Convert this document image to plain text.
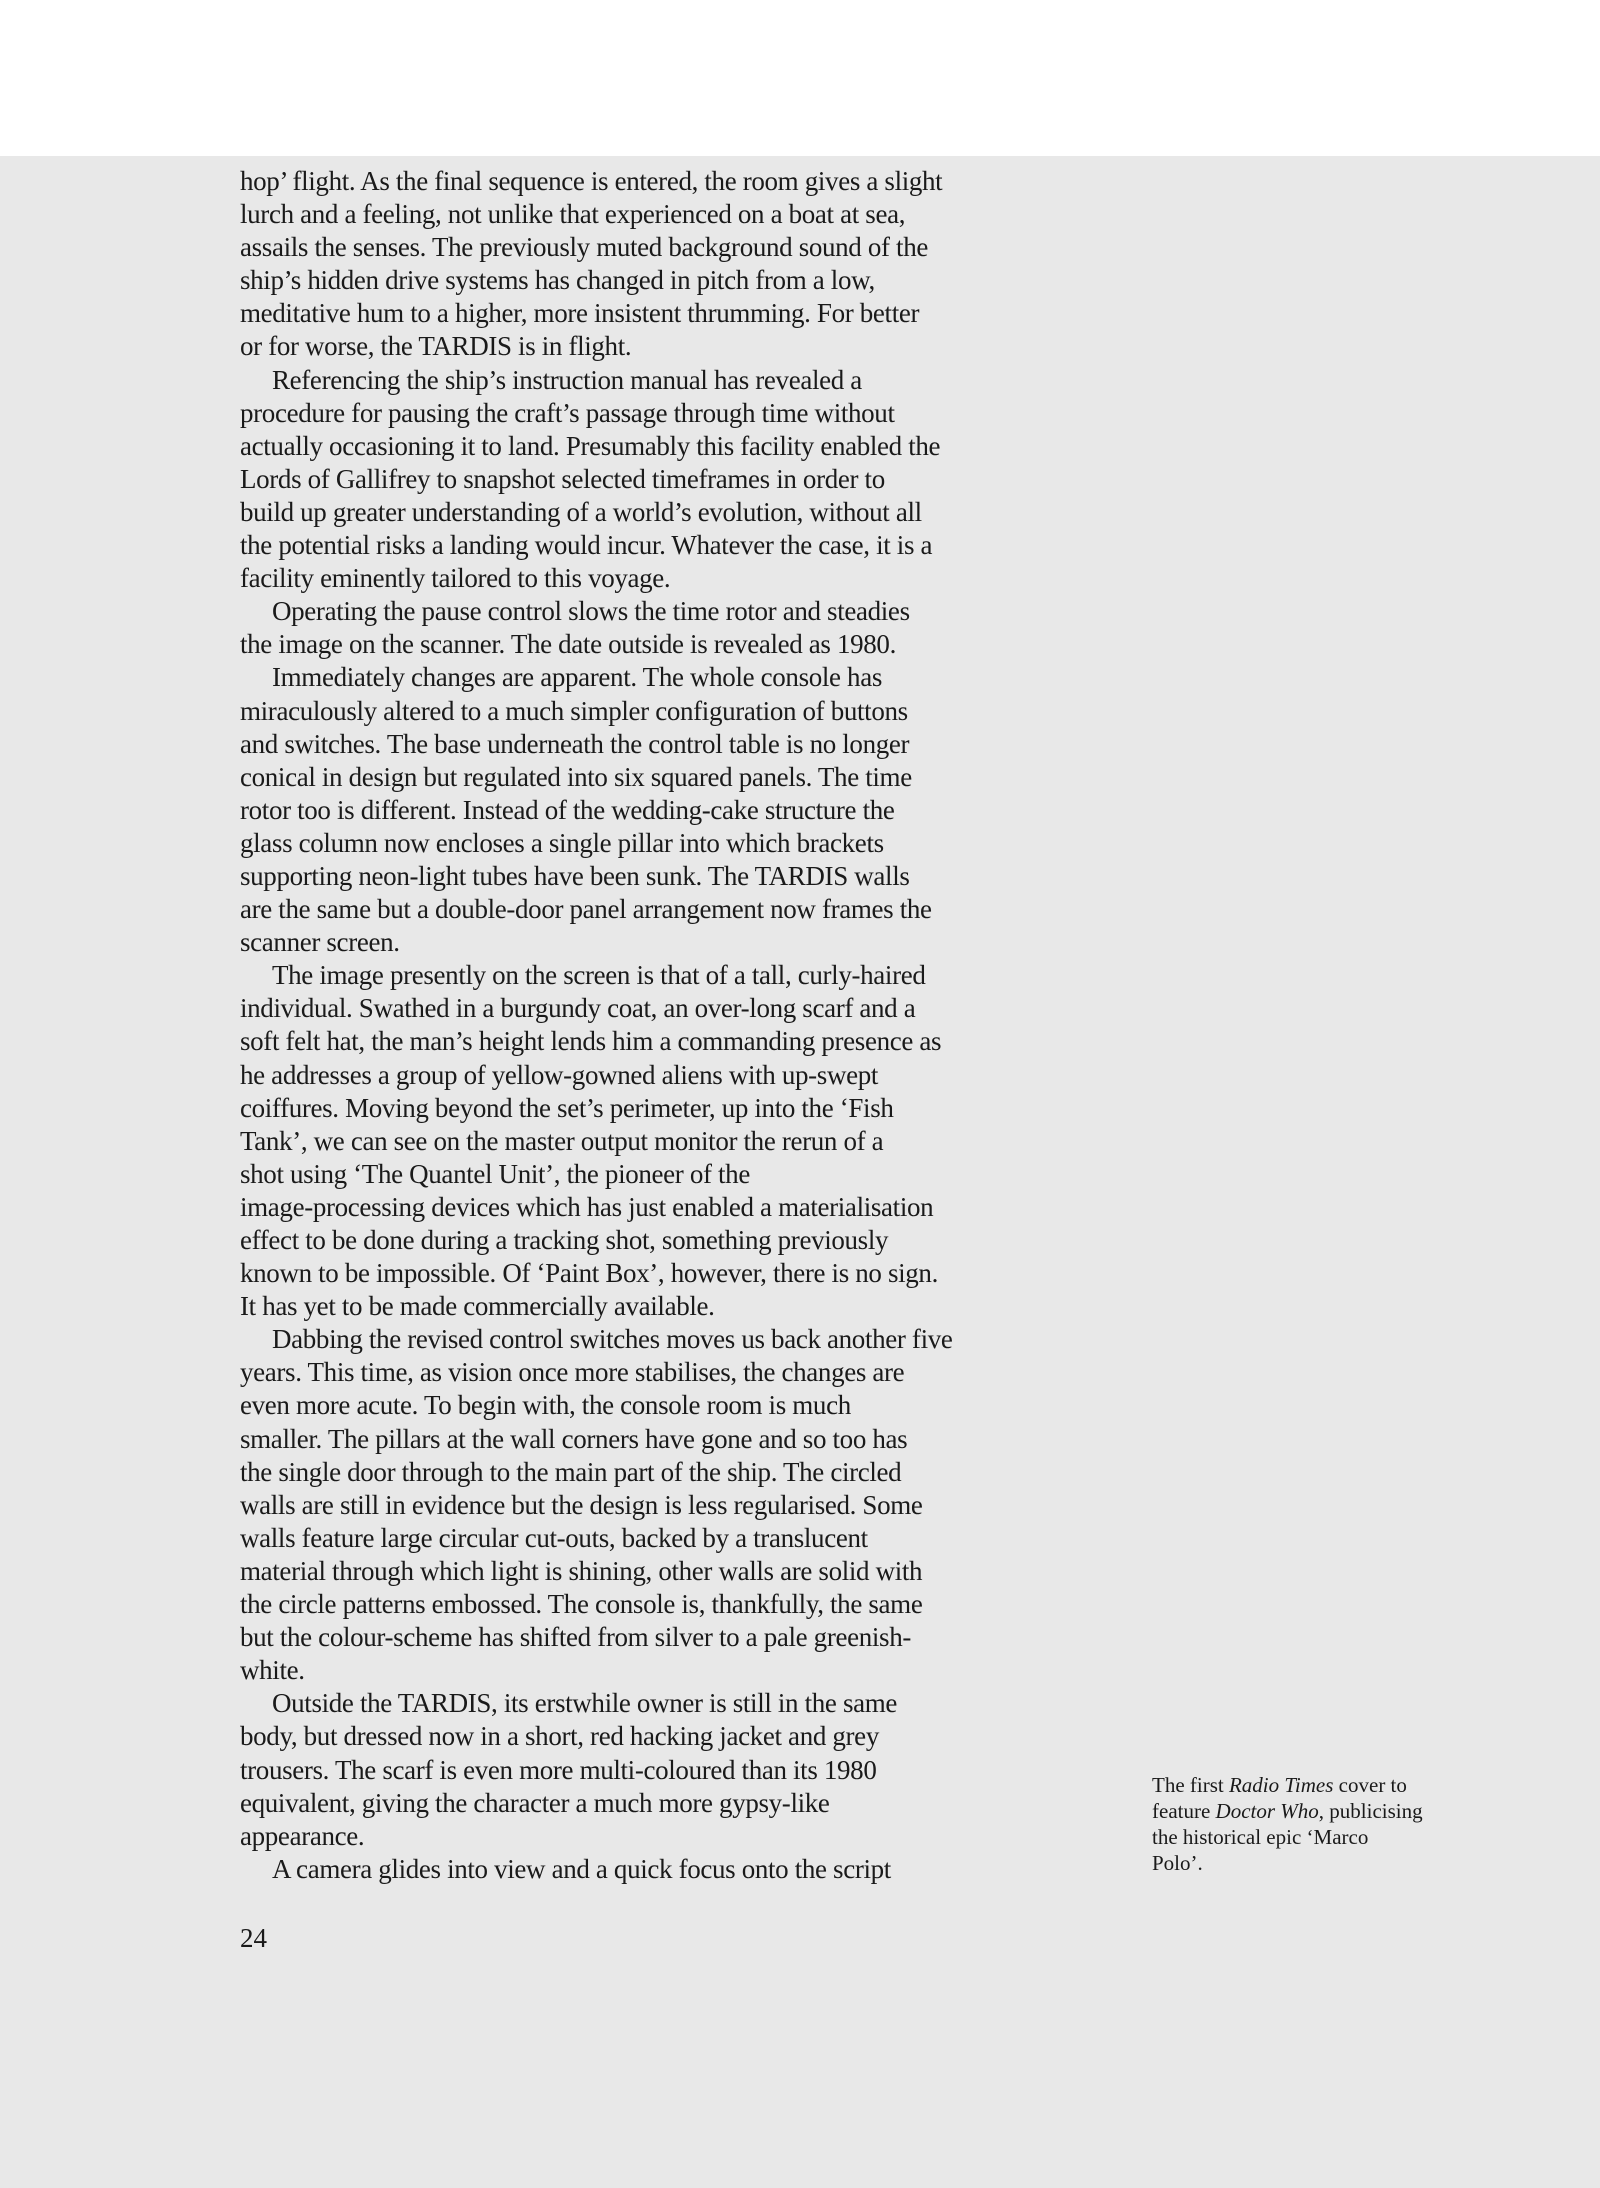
hop’ flight. As the final sequence is entered, the room gives a slight
lurch and a feeling, not unlike that experienced on a boat at sea,
assails the senses. The previously muted background sound of the
ship’s hidden drive systems has changed in pitch from a low,
meditative hum to a higher, more insistent thrumming. For better
or for worse, the TARDIS is in flight.
Referencing the ship’s instruction manual has revealed a
procedure for pausing the craft’s passage through time without
actually occasioning it to land. Presumably this facility enabled the
Lords of Gallifrey to snapshot selected timeframes in order to
build up greater understanding of a world’s evolution, without all
the potential risks a landing would incur. Whatever the case, it is a
facility eminently tailored to this voyage.
Operating the pause control slows the time rotor and steadies
the image on the scanner. The date outside is revealed as 1980.
Immediately changes are apparent. The whole console has
miraculously altered to a much simpler configuration of buttons
and switches. The base underneath the control table is no longer
conical in design but regulated into six squared panels. The time
rotor too is different. Instead of the wedding-cake structure the
glass column now encloses a single pillar into which brackets
supporting neon-light tubes have been sunk. The TARDIS walls
are the same but a double-door panel arrangement now frames the
scanner screen.
The image presently on the screen is that of a tall, curly-haired
individual. Swathed in a burgundy coat, an over-long scarf and a
soft felt hat, the man’s height lends him a commanding presence as
he addresses a group of yellow-gowned aliens with up-swept
coiffures. Moving beyond the set’s perimeter, up into the ‘Fish
Tank’, we can see on the master output monitor the rerun of a
shot using ‘The Quantel Unit’, the pioneer of the
image-processing devices which has just enabled a materialisation
effect to be done during a tracking shot, something previously
known to be impossible. Of ‘Paint Box’, however, there is no sign.
It has yet to be made commercially available.
Dabbing the revised control switches moves us back another five
years. This time, as vision once more stabilises, the changes are
even more acute. To begin with, the console room is much
smaller. The pillars at the wall corners have gone and so too has
the single door through to the main part of the ship. The circled
walls are still in evidence but the design is less regularised. Some
walls feature large circular cut-outs, backed by a translucent
material through which light is shining, other walls are solid with
the circle patterns embossed. The console is, thankfully, the same
but the colour-scheme has shifted from silver to a pale greenish-
white.
Outside the TARDIS, its erstwhile owner is still in the same
body, but dressed now in a short, red hacking jacket and grey
trousers. The scarf is even more multi-coloured than its 1980
equivalent, giving the character a much more gypsy-like
appearance.
A camera glides into view and a quick focus onto the script
24
The first Radio Times cover to
feature Doctor Who, publicising
the historical epic ‘Marco
Polo’.
